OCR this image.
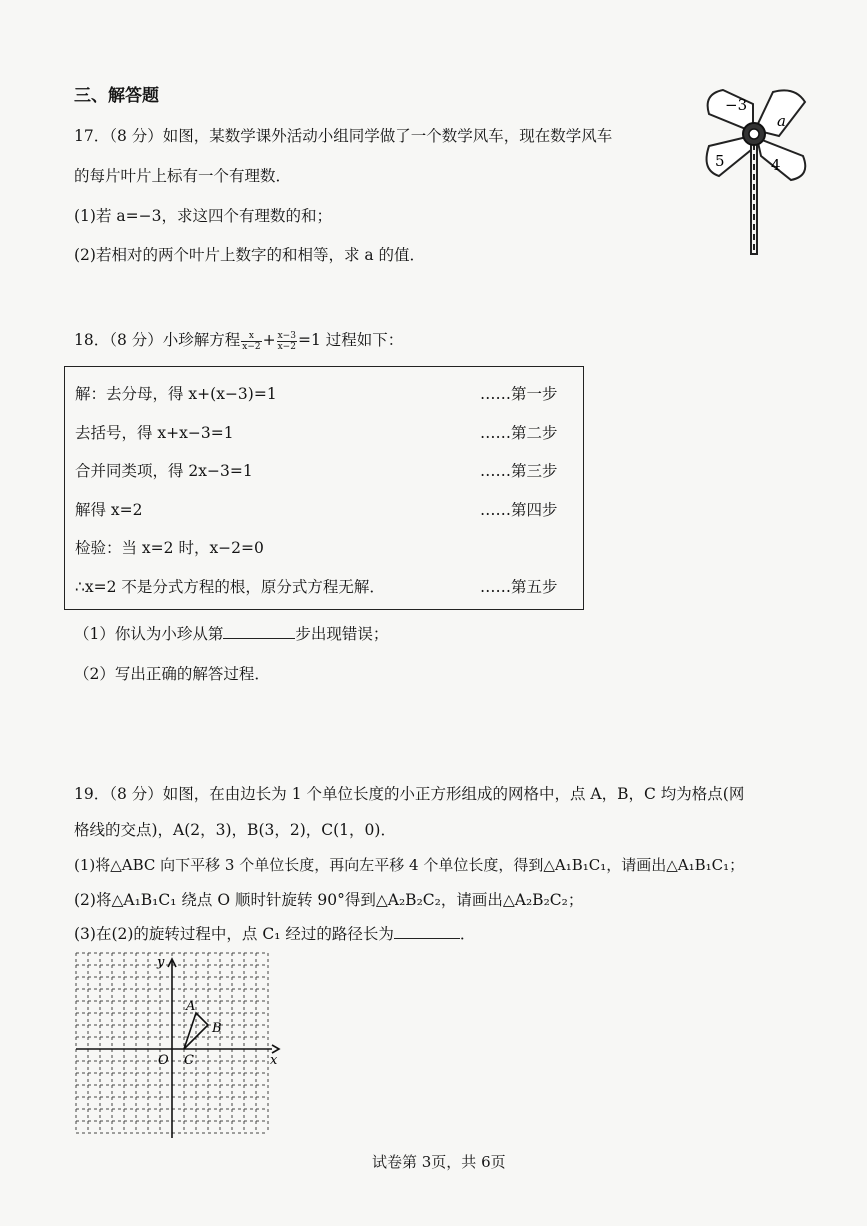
三、解答题
17．（8 分）如图，某数学课外活动小组同学做了一个数学风车，现在数学风车
的每片叶片上标有一个有理数．
(1)若 a=−3，求这四个有理数的和；
(2)若相对的两个叶片上数字的和相等，求 a 的值．
−3
a
5	4
18．（8 分）小珍解方程 $\frac{x}{x-2} + \frac{x-3}{x-2} =1$ 过程如下：
解：去分母，得 x+(x−3)=1	……第一步
去括号，得 x+x−3=1	……第二步
合并同类项，得 2x−3=1	……第三步
解得 x=2	……第四步
检验：当 x=2 时，x−2=0
∴x=2 不是分式方程的根，原分式方程无解．	……第五步
（1）你认为小珍从第	步出现错误；
（2）写出正确的解答过程．
19．（8 分）如图，在由边长为 1 个单位长度的小正方形组成的网格中，点 A，B，C 均为格点(网
格线的交点)，A(2，3)，B(3，2)，C(1，0)．
(1)将△ABC 向下平移 3 个单位长度，再向左平移 4 个单位长度，得到△A₁B₁C₁，请画出△A₁B₁C₁；
(2)将△A₁B₁C₁ 绕点 O 顺时针旋转 90°得到△A₂B₂C₂，请画出△A₂B₂C₂；
(3)在(2)的旋转过程中，点 C₁ 经过的路径长为	．
x
y
O
A
B
C
试卷第 3页，共 6页
